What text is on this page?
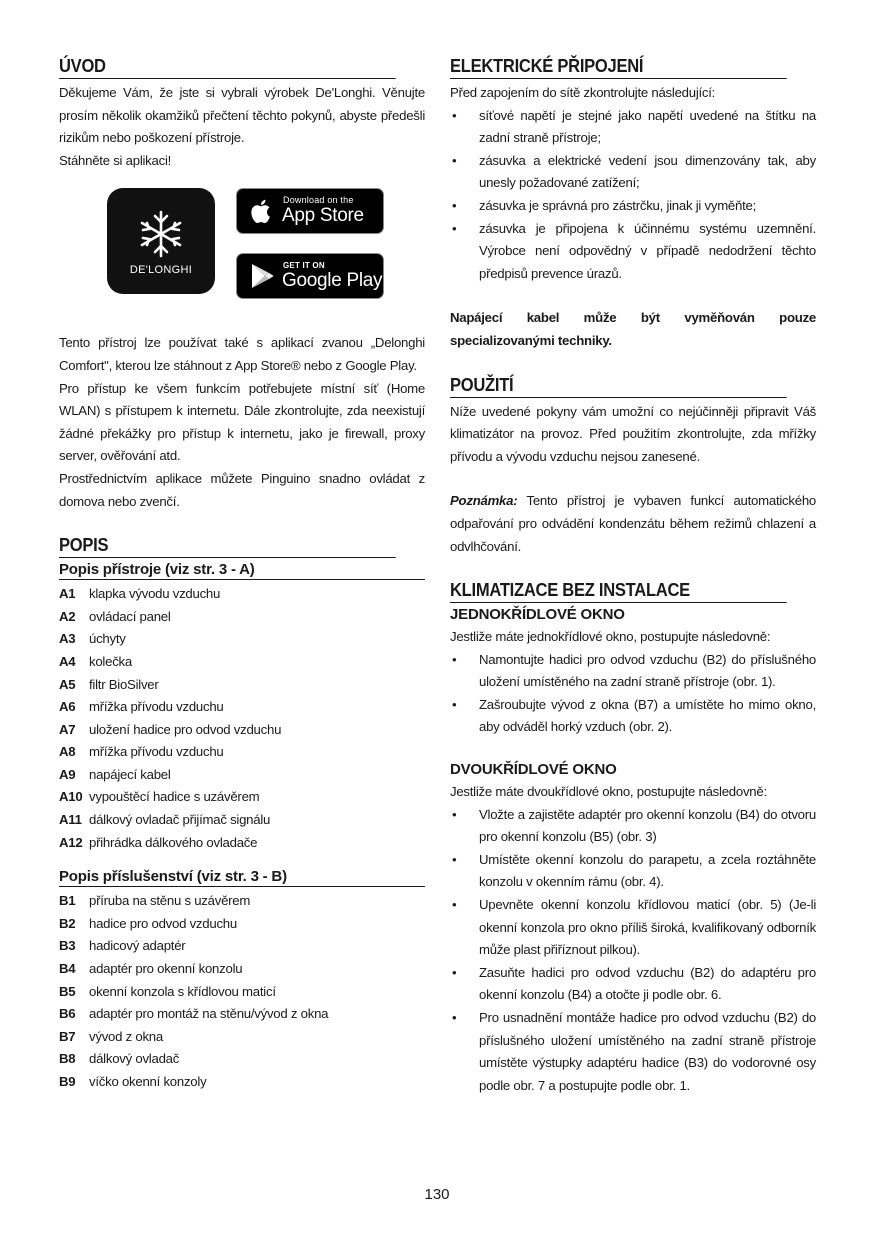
ÚVOD

Děkujeme Vám, že jste si vybrali výrobek De'Longhi. Věnujte prosím několik okamžiků přečtení těchto pokynů, abyste předešli rizikům nebo poškození přístroje.

Stáhněte si aplikaci!

DE'LONGHI
Download on the
App Store
GET IT ON
Google Play

Tento přístroj lze používat také s aplikací zvanou „Delonghi Comfort", kterou lze stáhnout z App Store® nebo z Google Play.

Pro přístup ke všem funkcím potřebujete místní síť (Home WLAN) s přístupem k internetu. Dále zkontrolujte, zda neexistují žádné překážky pro přístup k internetu, jako je firewall, proxy server, ověřování atd.

Prostřednictvím aplikace můžete Pinguino snadno ovládat z domova nebo zvenčí.

POPIS
Popis přístroje (viz str. 3 - A)
A1	klapka vývodu vzduchu
A2	ovládací panel
A3	úchyty
A4	kolečka
A5	filtr BioSilver
A6	mřížka přívodu vzduchu
A7	uložení hadice pro odvod vzduchu
A8	mřížka přívodu vzduchu
A9	napájecí kabel
A10 vypouštěcí hadice s uzávěrem
A11 dálkový ovladač přijímač signálu
A12 přihrádka dálkového ovladače
Popis příslušenství (viz str. 3 - B)
B1	příruba na stěnu s uzávěrem
B2	hadice pro odvod vzduchu
B3	hadicový adaptér
B4	adaptér pro okenní konzolu
B5	okenní konzola s křídlovou maticí
B6	adaptér pro montáž na stěnu/vývod z okna
B7	vývod z okna
B8	dálkový ovladač
B9	víčko okenní konzoly
ELEKTRICKÉ PŘIPOJENÍ

Před zapojením do sítě zkontrolujte následující:

• síťové napětí je stejné jako napětí uvedené na štítku na zadní straně přístroje;
• zásuvka a elektrické vedení jsou dimenzovány tak, aby unesly požadované zatížení;
• zásuvka je správná pro zástrčku, jinak ji vyměňte;
• zásuvka je připojena k účinnému systému uzemnění. Výrobce není odpovědný v případě nedodržení těchto předpisů prevence úrazů.

Napájecí kabel může být vyměňován pouze specializovanými techniky.

POUŽITÍ

Níže uvedené pokyny vám umožní co nejúčinněji připravit Váš klimatizátor na provoz. Před použitím zkontrolujte, zda mřížky přívodu a vývodu vzduchu nejsou zanesené.

Poznámka: Tento přístroj je vybaven funkcí automatického odpařování pro odvádění kondenzátu během režimů chlazení a odvlhčování.

KLIMATIZACE BEZ INSTALACE
JEDNOKŘÍDLOVÉ OKNO

Jestliže máte jednokřídlové okno, postupujte následovně:

• Namontujte hadici pro odvod vzduchu (B2) do příslušného uložení umístěného na zadní straně přístroje (obr. 1).
• Zašroubujte vývod z okna (B7) a umístěte ho mimo okno, aby odváděl horký vzduch (obr. 2).
DVOUKŘÍDLOVÉ OKNO

Jestliže máte dvoukřídlové okno, postupujte následovně:

• Vložte a zajistěte adaptér pro okenní konzolu (B4) do otvoru pro okenní konzolu (B5) (obr. 3)
• Umístěte okenní konzolu do parapetu, a zcela roztáhněte konzolu v okenním rámu (obr. 4).
• Upevněte okenní konzolu křídlovou maticí (obr. 5) (Je-li okenní konzola pro okno příliš široká, kvalifikovaný odborník může plast přiříznout pilkou).
• Zasuňte hadici pro odvod vzduchu (B2) do adaptéru pro okenní konzolu (B4) a otočte ji podle obr. 6.
• Pro usnadnění montáže hadice pro odvod vzduchu (B2) do příslušného uložení umístěného na zadní straně přístroje umístěte výstupky adaptéru hadice (B3) do vodorovné osy podle obr. 7 a postupujte podle obr. 1.
130
